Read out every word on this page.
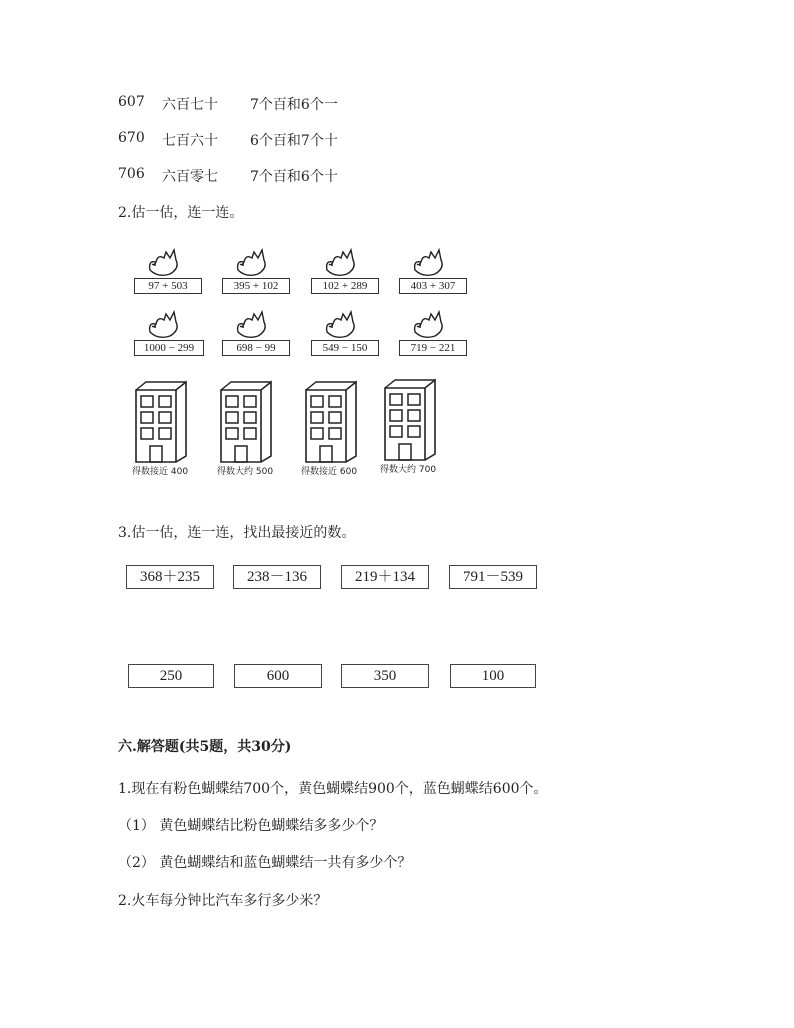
607 六百七十 7个百和6个一
670 七百六十 6个百和7个十
706 六百零七 7个百和6个十
2.估一估，连一连。
97 + 503	395 + 102	102 + 289	403 + 307
1000 − 299	698 − 99	549 − 150	719 − 221
得数接近 400	得数大约 500	得数接近 600	得数大约 700
3.估一估，连一连，找出最接近的数。
368＋235	238－136	219＋134	791－539
250	600	350	100
六.解答题(共5题，共30分)
1.现在有粉色蝴蝶结700个，黄色蝴蝶结900个，蓝色蝴蝶结600个。
（1） 黄色蝴蝶结比粉色蝴蝶结多多少个？
（2） 黄色蝴蝶结和蓝色蝴蝶结一共有多少个？
2.火车每分钟比汽车多行多少米？
